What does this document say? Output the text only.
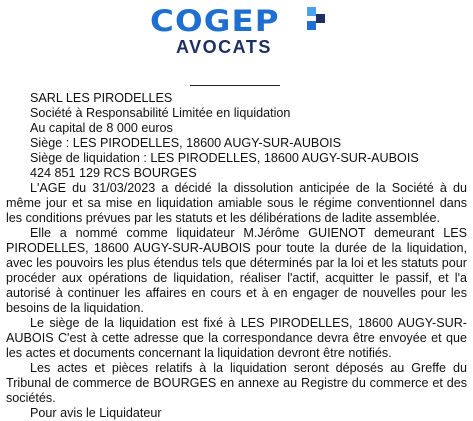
COGEP
AVOCATS

SARL LES PIRODELLES

Société à Responsabilité Limitée en liquidation

Au capital de 8 000 euros

Siège : LES PIRODELLES, 18600 AUGY-SUR-AUBOIS

Siège de liquidation : LES PIRODELLES, 18600 AUGY-SUR-AUBOIS

424 851 129 RCS BOURGES

L'AGE du 31/03/2023 a décidé la dissolution anticipée de la Société à du même jour et sa mise en liquidation amiable sous le régime conventionnel dans les conditions prévues par les statuts et les délibérations de ladite assemblée.

Elle a nommé comme liquidateur M.Jérôme GUIENOT demeurant LES PIRODELLES, 18600 AUGY-SUR-AUBOIS pour toute la durée de la liquidation, avec les pouvoirs les plus étendus tels que déterminés par la loi et les statuts pour procéder aux opérations de liquidation, réaliser l'actif, acquitter le passif, et l'a autorisé à continuer les affaires en cours et à en engager de nouvelles pour les besoins de la liquidation.

Le siège de la liquidation est fixé à LES PIRODELLES, 18600 AUGY-SUR-AUBOIS C'est à cette adresse que la correspondance devra être envoyée et que les actes et documents concernant la liquidation devront être notifiés.

Les actes et pièces relatifs à la liquidation seront déposés au Greffe du Tribunal de commerce de BOURGES en annexe au Registre du commerce et des sociétés.

Pour avis le Liquidateur
